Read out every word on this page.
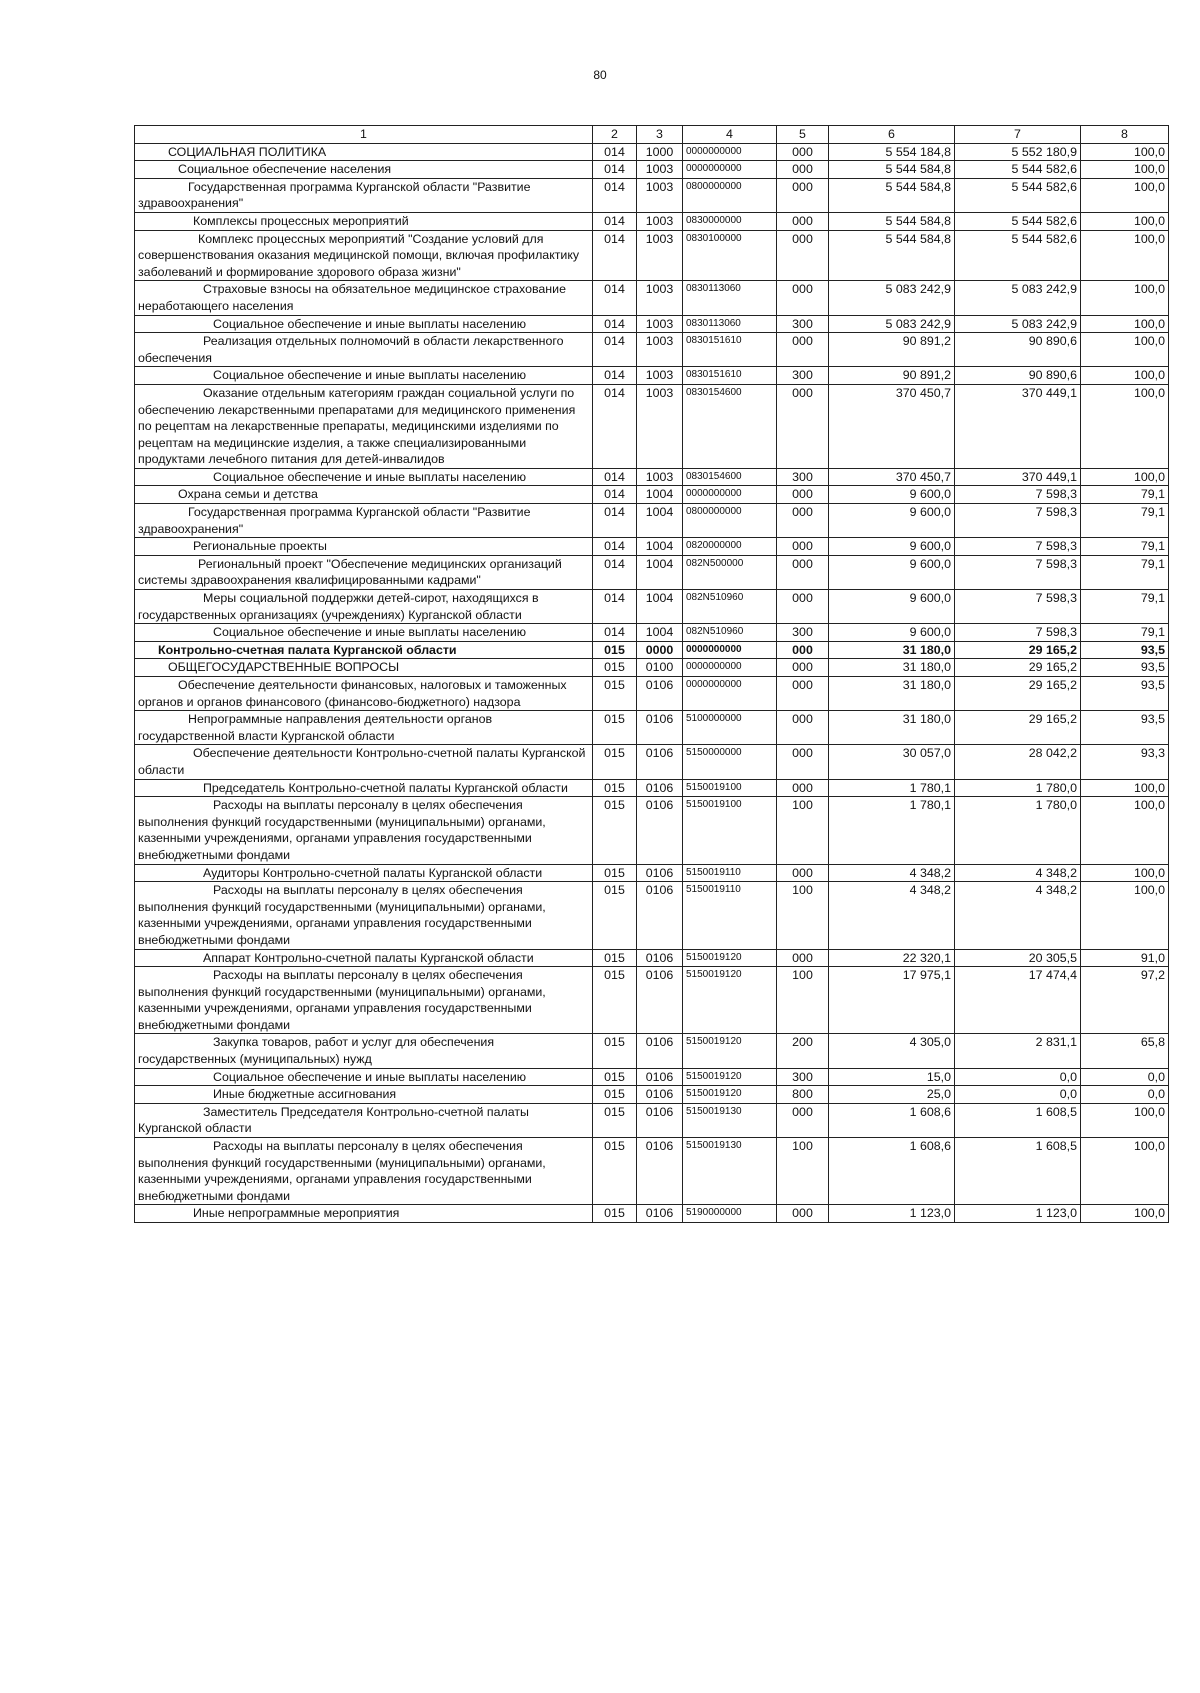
80
1	2	3	4	5	6	7	8
СОЦИАЛЬНАЯ ПОЛИТИКА	014	1000	0000000000	000	5 554 184,8	5 552 180,9	100,0
Социальное обеспечение населения	014	1003	0000000000	000	5 544 584,8	5 544 582,6	100,0
Государственная программа Курганской области "Развитие здравоохранения"	014	1003	0800000000	000	5 544 584,8	5 544 582,6	100,0
Комплексы процессных мероприятий	014	1003	0830000000	000	5 544 584,8	5 544 582,6	100,0
Комплекс процессных мероприятий "Создание условий для совершенствования оказания медицинской помощи, включая профилактику заболеваний и формирование здорового образа жизни"	014	1003	0830100000	000	5 544 584,8	5 544 582,6	100,0
Страховые взносы на обязательное медицинское страхование неработающего населения	014	1003	0830113060	000	5 083 242,9	5 083 242,9	100,0
Социальное обеспечение и иные выплаты населению	014	1003	0830113060	300	5 083 242,9	5 083 242,9	100,0
Реализация отдельных полномочий в области лекарственного обеспечения	014	1003	0830151610	000	90 891,2	90 890,6	100,0
Социальное обеспечение и иные выплаты населению	014	1003	0830151610	300	90 891,2	90 890,6	100,0
Оказание отдельным категориям граждан социальной услуги по обеспечению лекарственными препаратами для медицинского применения по рецептам на лекарственные препараты, медицинскими изделиями по рецептам на медицинские изделия, а также специализированными продуктами лечебного питания для детей-инвалидов	014	1003	0830154600	000	370 450,7	370 449,1	100,0
Социальное обеспечение и иные выплаты населению	014	1003	0830154600	300	370 450,7	370 449,1	100,0
Охрана семьи и детства	014	1004	0000000000	000	9 600,0	7 598,3	79,1
Государственная программа Курганской области "Развитие здравоохранения"	014	1004	0800000000	000	9 600,0	7 598,3	79,1
Региональные проекты	014	1004	0820000000	000	9 600,0	7 598,3	79,1
Региональный проект "Обеспечение медицинских организаций системы здравоохранения квалифицированными кадрами"	014	1004	082N500000	000	9 600,0	7 598,3	79,1
Меры социальной поддержки детей-сирот, находящихся в государственных организациях (учреждениях) Курганской области	014	1004	082N510960	000	9 600,0	7 598,3	79,1
Социальное обеспечение и иные выплаты населению	014	1004	082N510960	300	9 600,0	7 598,3	79,1
Контрольно-счетная палата Курганской области	015	0000	0000000000	000	31 180,0	29 165,2	93,5
ОБЩЕГОСУДАРСТВЕННЫЕ ВОПРОСЫ	015	0100	0000000000	000	31 180,0	29 165,2	93,5
Обеспечение деятельности финансовых, налоговых и таможенных органов и органов финансового (финансово-бюджетного) надзора	015	0106	0000000000	000	31 180,0	29 165,2	93,5
Непрограммные направления деятельности органов государственной власти Курганской области	015	0106	5100000000	000	31 180,0	29 165,2	93,5
Обеспечение деятельности Контрольно-счетной палаты Курганской области	015	0106	5150000000	000	30 057,0	28 042,2	93,3
Председатель Контрольно-счетной палаты Курганской области	015	0106	5150019100	000	1 780,1	1 780,0	100,0
Расходы на выплаты персоналу в целях обеспечения выполнения функций государственными (муниципальными) органами, казенными учреждениями, органами управления государственными внебюджетными фондами	015	0106	5150019100	100	1 780,1	1 780,0	100,0
Аудиторы Контрольно-счетной палаты Курганской области	015	0106	5150019110	000	4 348,2	4 348,2	100,0
Расходы на выплаты персоналу в целях обеспечения выполнения функций государственными (муниципальными) органами, казенными учреждениями, органами управления государственными внебюджетными фондами	015	0106	5150019110	100	4 348,2	4 348,2	100,0
Аппарат Контрольно-счетной палаты Курганской области	015	0106	5150019120	000	22 320,1	20 305,5	91,0
Расходы на выплаты персоналу в целях обеспечения выполнения функций государственными (муниципальными) органами, казенными учреждениями, органами управления государственными внебюджетными фондами	015	0106	5150019120	100	17 975,1	17 474,4	97,2
Закупка товаров, работ и услуг для обеспечения государственных (муниципальных) нужд	015	0106	5150019120	200	4 305,0	2 831,1	65,8
Социальное обеспечение и иные выплаты населению	015	0106	5150019120	300	15,0	0,0	0,0
Иные бюджетные ассигнования	015	0106	5150019120	800	25,0	0,0	0,0
Заместитель Председателя Контрольно-счетной палаты Курганской области	015	0106	5150019130	000	1 608,6	1 608,5	100,0
Расходы на выплаты персоналу в целях обеспечения выполнения функций государственными (муниципальными) органами, казенными учреждениями, органами управления государственными внебюджетными фондами	015	0106	5150019130	100	1 608,6	1 608,5	100,0
Иные непрограммные мероприятия	015	0106	5190000000	000	1 123,0	1 123,0	100,0
